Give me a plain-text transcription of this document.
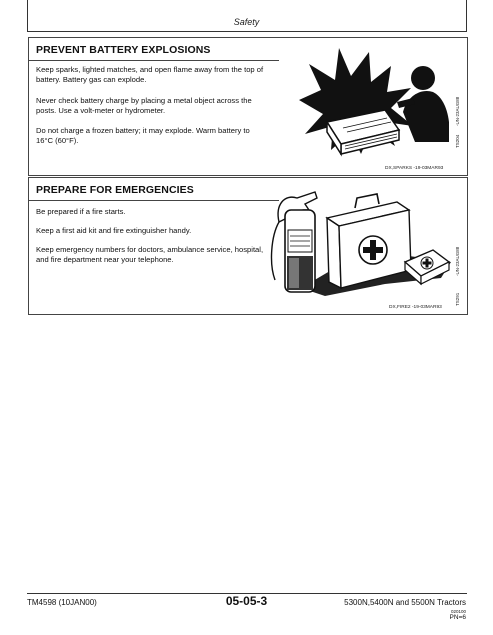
Safety
PREVENT BATTERY EXPLOSIONS

Keep sparks, lighted matches, and open flame away from the top of battery. Battery gas can explode.

Never check battery charge by placing a metal object across the posts. Use a volt-meter or hydrometer.

Do not charge a frozen battery; it may explode. Warm battery to 16°C (60°F).	TS204
-UN-23AUG88
DX,SPARKS -19-03MAR93
PREPARE FOR EMERGENCIES

Be prepared if a fire starts.

Keep a first aid kit and fire extinguisher handy.

Keep emergency numbers for doctors, ambulance service, hospital, and fire department near your telephone.

TS291
-UN-23AUG88
DX,FIRE2 -19-03MAR93
TM4598 (10JAN00)	05-05-3	5300N,5400N and 5500N Tractors
020100
PN=6
